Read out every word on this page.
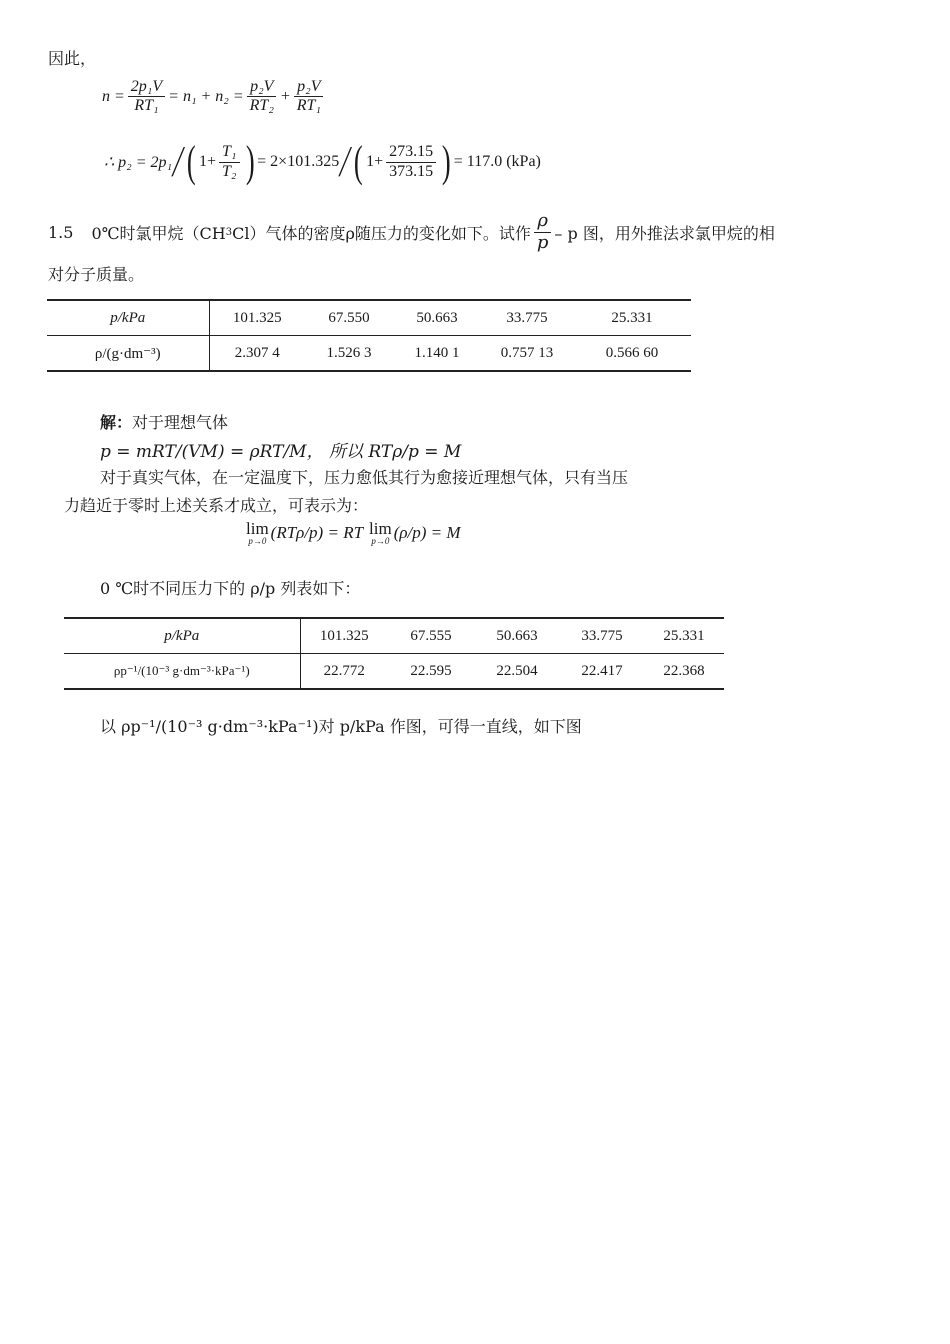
因此，
$n = \frac{\text{2p₁V}}{\text{RT₁}} = n_1 + n_2 = \frac{\text{p₂V}}{\text{RT₂}} + \frac{\text{p₂V}}{\text{RT₁}}$
∴ p₂ = 2p₁
/ ( $1+ \frac{\text{T₁}}{\text{T₂}}$ ) = 2×101.325
/ ( $1+ \frac{273.15}{373.15}$ ) = 117.0 (kPa)
1.5 0℃时氯甲烷（CH 3 Cl）气体的密度ρ随压力的变化如下。试作 $\frac{\rho}{p}$ – p 图，用外推法求氯甲烷的相
对分子质量。
p/kPa	101.325	67.550	50.663	33.775	25.331
ρ/(g·dm⁻³)	2.307 4	1.526 3	1.140 1	0.757 13	0.566 60
解：对于理想气体
p = mRT/(VM) = ρRT/M， 所以 RTρ/p = M
对于真实气体，在一定温度下，压力愈低其行为愈接近理想气体，只有当压
力趋近于零时上述关系才成立，可表示为：
lim
p→0 (RTρ/p) = RT lim
p→0 (ρ/p) = M
0 ℃时不同压力下的 ρ/p 列表如下：
p/kPa	101.325	67.555	50.663	33.775	25.331
ρp⁻¹/(10⁻³ g·dm⁻³·kPa⁻¹)	22.772	22.595	22.504	22.417	22.368
以 ρp⁻¹/(10⁻³ g·dm⁻³·kPa⁻¹)对 p/kPa 作图，可得一直线，如下图
